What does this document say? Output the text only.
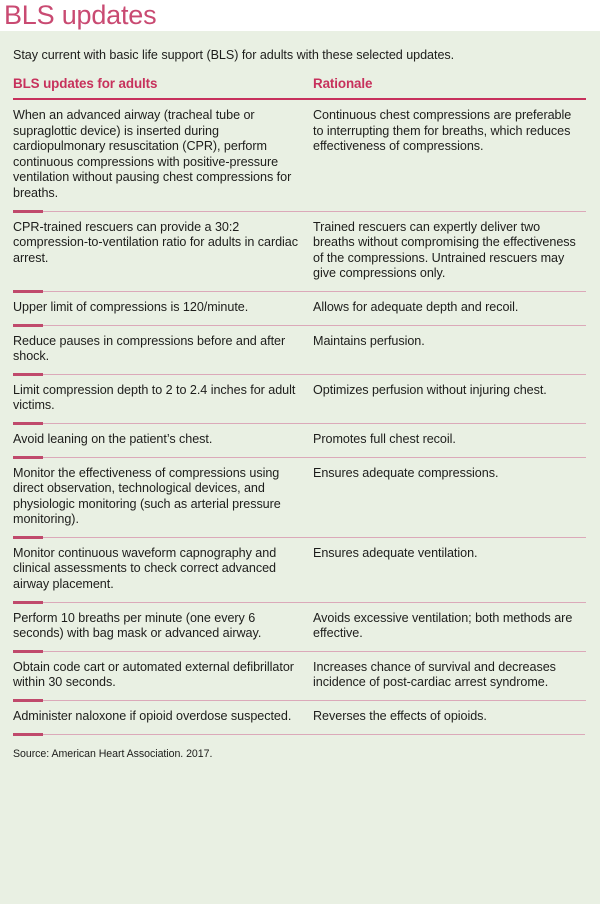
BLS updates
Stay current with basic life support (BLS) for adults with these selected updates.
BLS updates for adults	Rationale
When an advanced airway (tracheal tube or supraglottic device) is inserted during cardiopulmonary resuscitation (CPR), perform continuous compressions with positive-pressure ventilation without pausing chest compressions for breaths.	Continuous chest compressions are preferable to interrupting them for breaths, which reduces effectiveness of compressions.
CPR-trained rescuers can provide a 30:2 compression-to-ventilation ratio for adults in cardiac arrest.	Trained rescuers can expertly deliver two breaths without compromising the effectiveness of the compressions. Untrained rescuers may give compressions only.
Upper limit of compressions is 120/minute.	Allows for adequate depth and recoil.
Reduce pauses in compressions before and after shock.	Maintains perfusion.
Limit compression depth to 2 to 2.4 inches for adult victims.	Optimizes perfusion without injuring chest.
Avoid leaning on the patient’s chest.	Promotes full chest recoil.
Monitor the effectiveness of compressions using direct observation, technological devices, and physiologic monitoring (such as arterial pressure monitoring).	Ensures adequate compressions.
Monitor continuous waveform capnography and clinical assessments to check correct advanced airway placement.	Ensures adequate ventilation.
Perform 10 breaths per minute (one every 6 seconds) with bag mask or advanced airway.	Avoids excessive ventilation; both methods are effective.
Obtain code cart or automated external defibrillator within 30 seconds.	Increases chance of survival and decreases incidence of post-cardiac arrest syndrome.
Administer naloxone if opioid overdose suspected.	Reverses the effects of opioids.
Source: American Heart Association. 2017.
